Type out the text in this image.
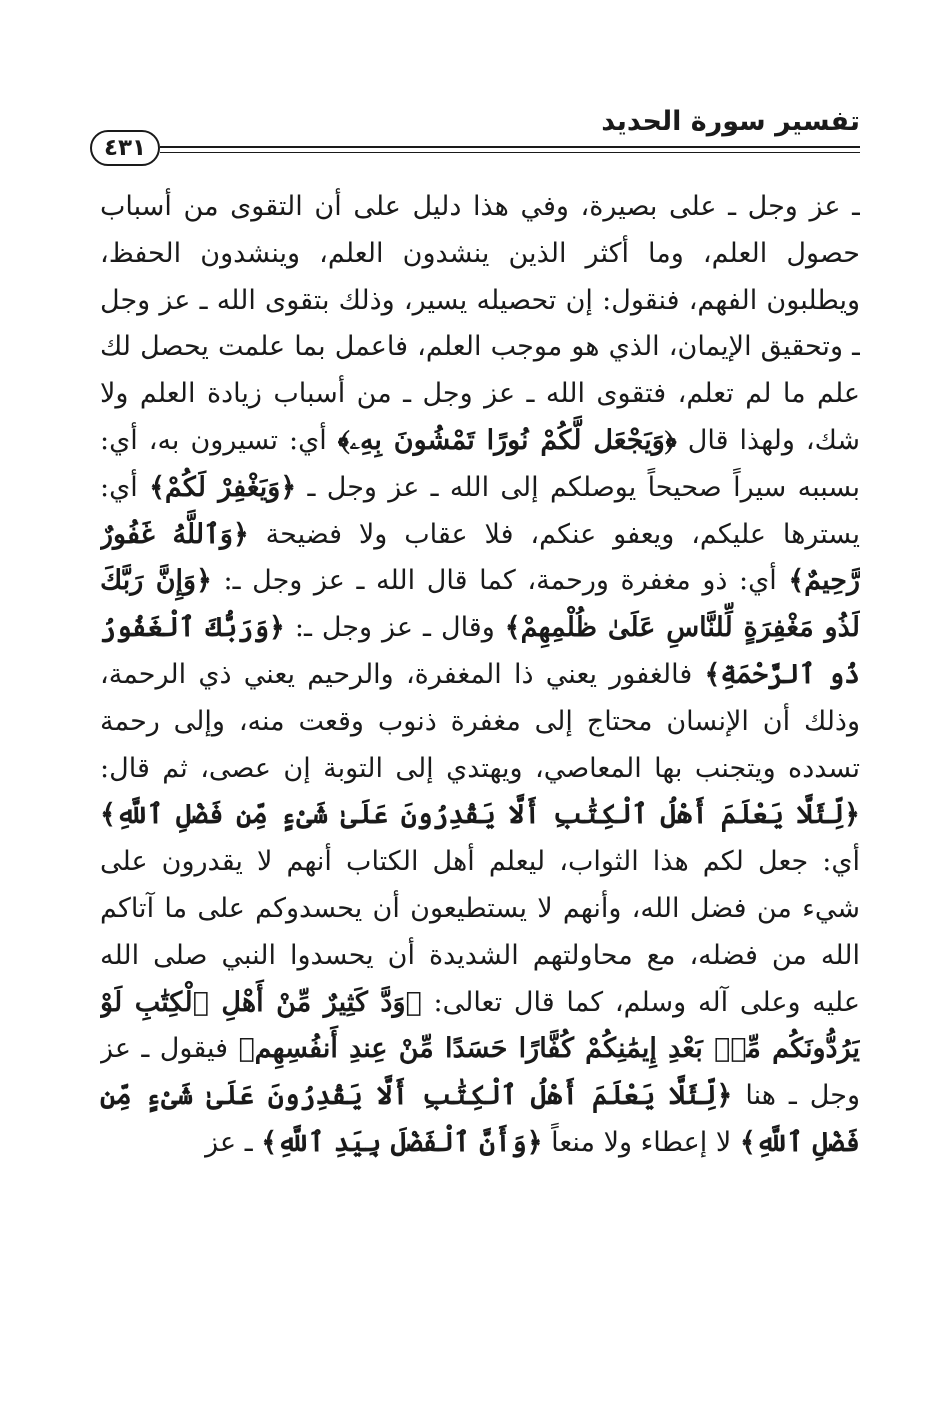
تفسير سورة الحديد
٤٣١

ـ عز وجل ـ على بصيرة، وفي هذا دليل على أن التقوى من أسباب حصول العلم، وما أكثر الذين ينشدون العلم، وينشدون الحفظ، ويطلبون الفهم، فنقول: إن تحصيله يسير، وذلك بتقوى الله ـ عز وجل ـ وتحقيق الإيمان، الذي هو موجب العلم، فاعمل بما علمت يحصل لك علم ما لم تعلم، فتقوى الله ـ عز وجل ـ من أسباب زيادة العلم ولا شك، ولهذا قال ﴿وَيَجْعَل لَّكُمْ نُورًا تَمْشُونَ بِهِۦ﴾ أي: تسيرون به، أي: بسببه سيراً صحيحاً يوصلكم إلى الله ـ عز وجل ـ ﴿وَيَغْفِرْ لَكُمْ﴾ أي: يسترها عليكم، ويعفو عنكم، فلا عقاب ولا فضيحة ﴿وَٱللَّهُ غَفُورٌ رَّحِيمٌ﴾ أي: ذو مغفرة ورحمة، كما قال الله ـ عز وجل ـ: ﴿وَإِنَّ رَبَّكَ لَذُو مَغْفِرَةٍ لِّلنَّاسِ عَلَىٰ ظُلْمِهِمْ﴾ وقال ـ عز وجل ـ: ﴿وَرَبُّكَ ٱلْغَفُورُ ذُو ٱلرَّحْمَةِ﴾ فالغفور يعني ذا المغفرة، والرحيم يعني ذي الرحمة، وذلك أن الإنسان محتاج إلى مغفرة ذنوب وقعت منه، وإلى رحمة تسدده ويتجنب بها المعاصي، ويهتدي إلى التوبة إن عصى، ثم قال: ﴿لِّئَلَّا يَعْلَمَ أَهْلُ ٱلْكِتَٰبِ أَلَّا يَقْدِرُونَ عَلَىٰ شَىْءٍ مِّن فَضْلِ ٱللَّهِ﴾ أي: جعل لكم هذا الثواب، ليعلم أهل الكتاب أنهم لا يقدرون على شيء من فضل الله، وأنهم لا يستطيعون أن يحسدوكم على ما آتاكم الله من فضله، مع محاولتهم الشديدة أن يحسدوا النبي صلى الله عليه وعلى آله وسلم، كما قال تعالى: ﴿وَدَّ كَثِيرٌ مِّنْ أَهْلِ ٱلْكِتَٰبِ لَوْ يَرُدُّونَكُم مِّنۢ بَعْدِ إِيمَٰنِكُمْ كُفَّارًا حَسَدًا مِّنْ عِندِ أَنفُسِهِم﴾ فيقول ـ عز وجل ـ هنا ﴿لِّئَلَّا يَعْلَمَ أَهْلُ ٱلْكِتَٰبِ أَلَّا يَقْدِرُونَ عَلَىٰ شَىْءٍ مِّن فَضْلِ ٱللَّهِ﴾ لا إعطاء ولا منعاً ﴿وَأَنَّ ٱلْفَضْلَ بِيَدِ ٱللَّهِ﴾ ـ عز
